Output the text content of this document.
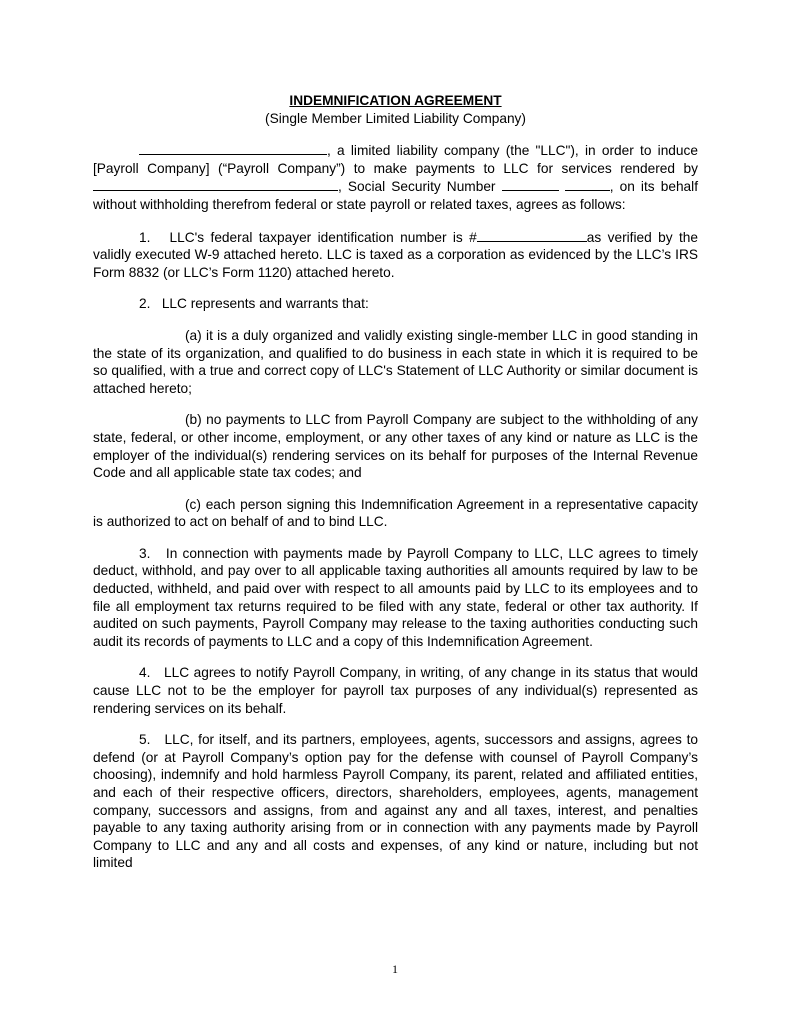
INDEMNIFICATION AGREEMENT

(Single Member Limited Liability Company)

, a limited liability company (the "LLC"), in order to induce [Payroll Company] (“Payroll Company”) to make payments to LLC for services rendered by, Social Security Number	, on its behalf without withholding therefrom federal or state payroll or related taxes, agrees as follows:

1.   LLC's federal taxpayer identification number is #	as verified by the validly executed W-9 attached hereto. LLC is taxed as a corporation as evidenced by the LLC’s IRS Form 8832 (or LLC’s Form 1120) attached hereto.

2.   LLC represents and warrants that:

(a) it is a duly organized and validly existing single-member LLC in good standing in the state of its organization, and qualified to do business in each state in which it is required to be so qualified, with a true and correct copy of LLC's Statement of LLC Authority or similar document is attached hereto;

(b) no payments to LLC from Payroll Company are subject to the withholding of any state, federal, or other income, employment, or any other taxes of any kind or nature as LLC is the employer of the individual(s) rendering services on its behalf for purposes of the Internal Revenue Code and all applicable state tax codes; and

(c) each person signing this Indemnification Agreement in a representative capacity is authorized to act on behalf of and to bind LLC.

3.   In connection with payments made by Payroll Company to LLC, LLC agrees to timely deduct, withhold, and pay over to all applicable taxing authorities all amounts required by law to be deducted, withheld, and paid over with respect to all amounts paid by LLC to its employees and to file all employment tax returns required to be filed with any state, federal or other tax authority. If audited on such payments, Payroll Company may release to the taxing authorities conducting such audit its records of payments to LLC and a copy of this Indemnification Agreement.

4.   LLC agrees to notify Payroll Company, in writing, of any change in its status that would cause LLC not to be the employer for payroll tax purposes of any individual(s) represented as rendering services on its behalf.

5.   LLC, for itself, and its partners, employees, agents, successors and assigns, agrees to defend (or at Payroll Company’s option pay for the defense with counsel of Payroll Company’s choosing), indemnify and hold harmless Payroll Company, its parent, related and affiliated entities, and each of their respective officers, directors, shareholders, employees, agents, management company, successors and assigns, from and against any and all taxes, interest, and penalties payable to any taxing authority arising from or in connection with any payments made by Payroll Company to LLC and any and all costs and expenses, of any kind or nature, including but not limited

1
